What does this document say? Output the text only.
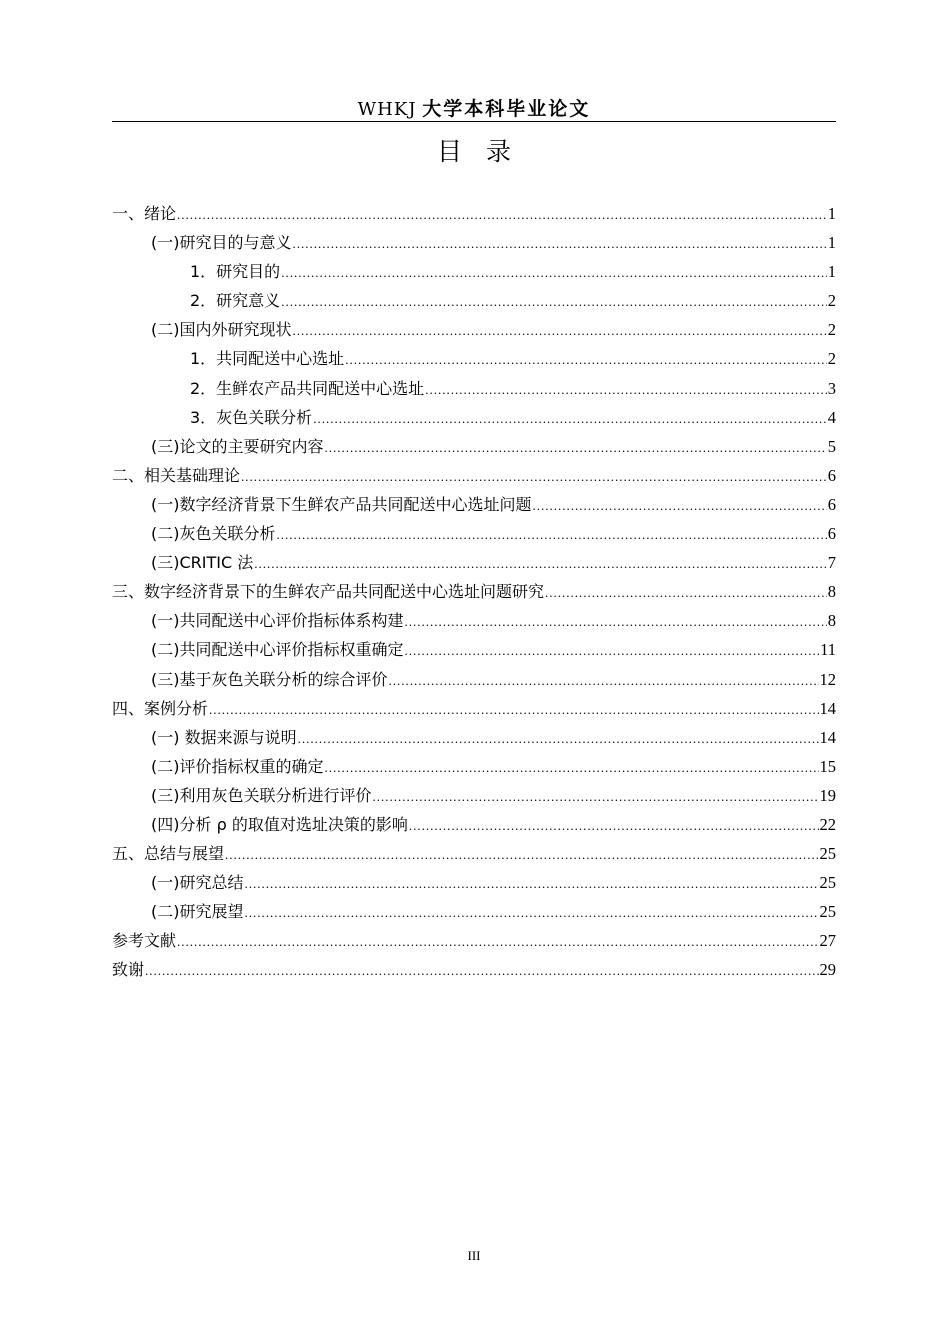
WHKJ 大学本科毕业论文
目录
一、绪论 .....	1
(一)研究目的与意义 .....	1
1．研究目的 .....	1
2．研究意义 .....	2
(二)国内外研究现状 .....	2
1．共同配送中心选址 .....	2
2．生鲜农产品共同配送中心选址 .....	3
3．灰色关联分析 .....	4
(三)论文的主要研究内容 .....	5
二、相关基础理论 .....	6
(一)数字经济背景下生鲜农产品共同配送中心选址问题 .....	6
(二)灰色关联分析 .....	6
(三)CRITIC 法 .....	7
三、数字经济背景下的生鲜农产品共同配送中心选址问题研究 .....	8
(一)共同配送中心评价指标体系构建 .....	8
(二)共同配送中心评价指标权重确定 .....	11
(三)基于灰色关联分析的综合评价 .....	12
四、案例分析 .....	14
(一) 数据来源与说明 .....	14
(二)评价指标权重的确定 .....	15
(三)利用灰色关联分析进行评价 .....	19
(四)分析 ρ 的取值对选址决策的影响 .....	22
五、总结与展望 .....	25
(一)研究总结 .....	25
(二)研究展望 .....	25
参考文献 .....	27
致谢 .....	29
III
